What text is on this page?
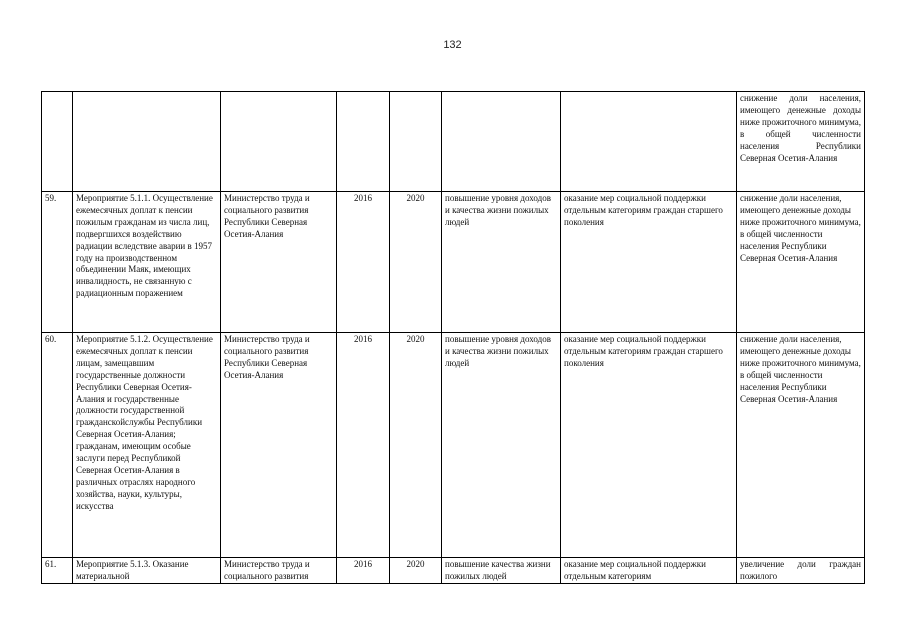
132
							снижение доли населения, имеющего денежные доходы ниже прожиточного минимума, в общей численности населения Республики Северная Осетия-Алания
59.	Мероприятие 5.1.1. Осуществление ежемесячных доплат к пенсии пожилым гражданам из числа лиц, подвергшихся воздействию радиации вследствие аварии в 1957 году на производственном объединении Маяк, имеющих инвалидность, не связанную с радиационным поражением	Министерство труда и социального развития Республики Северная Осетия-Алания	2016	2020	повышение уровня доходов и качества жизни пожилых людей	оказание мер социальной поддержки отдельным категориям граждан старшего поколения	снижение доли населения, имеющего денежные доходы ниже прожиточного минимума, в общей численности населения Республики Северная Осетия-Алания
60.	Мероприятие 5.1.2. Осуществление ежемесячных доплат к пенсии лицам, замещавшим государственные должности Республики Северная Осетия-Алания и государственные должности государственной гражданскойслужбы Республики Северная Осетия-Алания; гражданам, имеющим особые заслуги перед Республикой Северная Осетия-Алания в различных отраслях народного хозяйства, науки, культуры, искусства	Министерство труда и социального развития Республики Северная Осетия-Алания	2016	2020	повышение уровня доходов и качества жизни пожилых людей	оказание мер социальной поддержки отдельным категориям граждан старшего поколения	снижение доли населения, имеющего денежные доходы ниже прожиточного минимума, в общей численности населения Республики Северная Осетия-Алания
61.	Мероприятие 5.1.3. Оказание материальной	Министерство труда и социального развития	2016	2020	повышение качества жизни пожилых людей	оказание мер социальной поддержки отдельным категориям	увеличение доли граждан пожилого
